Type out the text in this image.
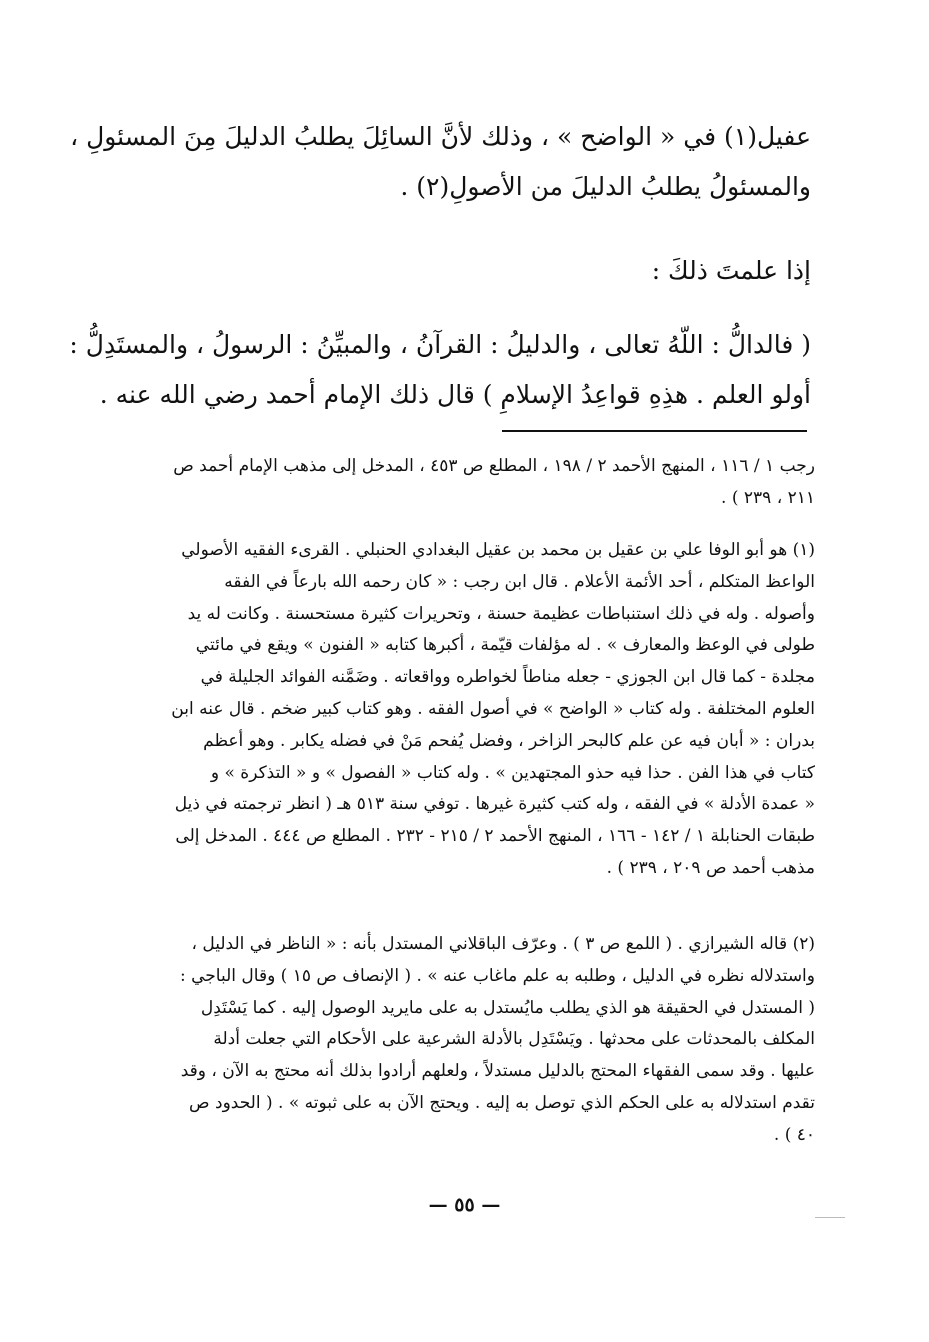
عفيل(١) في « الواضح » ، وذلك لأنَّ السائِلَ يطلبُ الدليلَ مِنَ المسئولِ ،
والمسئولُ يطلبُ الدليلَ من الأصولِ(٢) .
إذا علمتَ ذلكَ :
( فالدالُّ : اللّهُ تعالى ، والدليلُ : القرآنُ ، والمبيِّنُ : الرسولُ ، والمستَدِلُّ :
أولو العلم . هذِهِ قواعِدُ الإسلامِ ) قال ذلك الإمام أحمد رضي الله عنه .
رجب ١ / ١١٦ ، المنهج الأحمد ٢ / ١٩٨ ، المطلع ص ٤٥٣ ، المدخل إلى مذهب الإمام أحمد ص
٢١١ ، ٢٣٩ ) .
(١) هو أبو الوفا علي بن عقيل بن محمد بن عقيل البغدادي الحنبلي . القرىء الفقيه الأصولي
الواعظ المتكلم ، أحد الأئمة الأعلام . قال ابن رجب : « كان رحمه الله بارعاً في الفقه
وأصوله . وله في ذلك استنباطات عظيمة حسنة ، وتحريرات كثيرة مستحسنة . وكانت له يد
طولى في الوعظ والمعارف » . له مؤلفات قيّمة ، أكبرها كتابه « الفنون » ويقع في مائتي
مجلدة - كما قال ابن الجوزي - جعله مناطاً لخواطره وواقعاته . وضَمَّنه الفوائد الجليلة في
العلوم المختلفة . وله كتاب « الواضح » في أصول الفقه . وهو كتاب كبير ضخم . قال عنه ابن
بدران : « أبان فيه عن علم كالبحر الزاخر ، وفضل يُفحم مَنْ في فضله يكابر . وهو أعظم
كتاب في هذا الفن . حذا فيه حذو المجتهدين » . وله كتاب « الفصول » و « التذكرة » و
« عمدة الأدلة » في الفقه ، وله كتب كثيرة غيرها . توفي سنة ٥١٣ هـ ( انظر ترجمته في ذيل
طبقات الحنابلة ١ / ١٤٢ - ١٦٦ ، المنهج الأحمد ٢ / ٢١٥ - ٢٣٢ . المطلع ص ٤٤٤ . المدخل إلى
مذهب أحمد ص ٢٠٩ ، ٢٣٩ ) .
(٢) قاله الشيرازي . ( اللمع ص ٣ ) . وعرّف الباقلاني المستدل بأنه : « الناظر في الدليل ،
واستدلاله نظره في الدليل ، وطلبه به علم ماغاب عنه » . ( الإنصاف ص ١٥ ) وقال الباجي :
( المستدل في الحقيقة هو الذي يطلب مايُستدل به على مايريد الوصول إليه . كما يَسْتَدِل
المكلف بالمحدثات على محدثها . ويَسْتَدِل بالأدلة الشرعية على الأحكام التي جعلت أدلة
عليها . وقد سمى الفقهاء المحتج بالدليل مستدلاً ، ولعلهم أرادوا بذلك أنه محتج به الآن ، وقد
تقدم استدلاله به على الحكم الذي توصل به إليه . ويحتج الآن به على ثبوته » . ( الحدود ص
٤٠ ) .
— ٥٥ —
